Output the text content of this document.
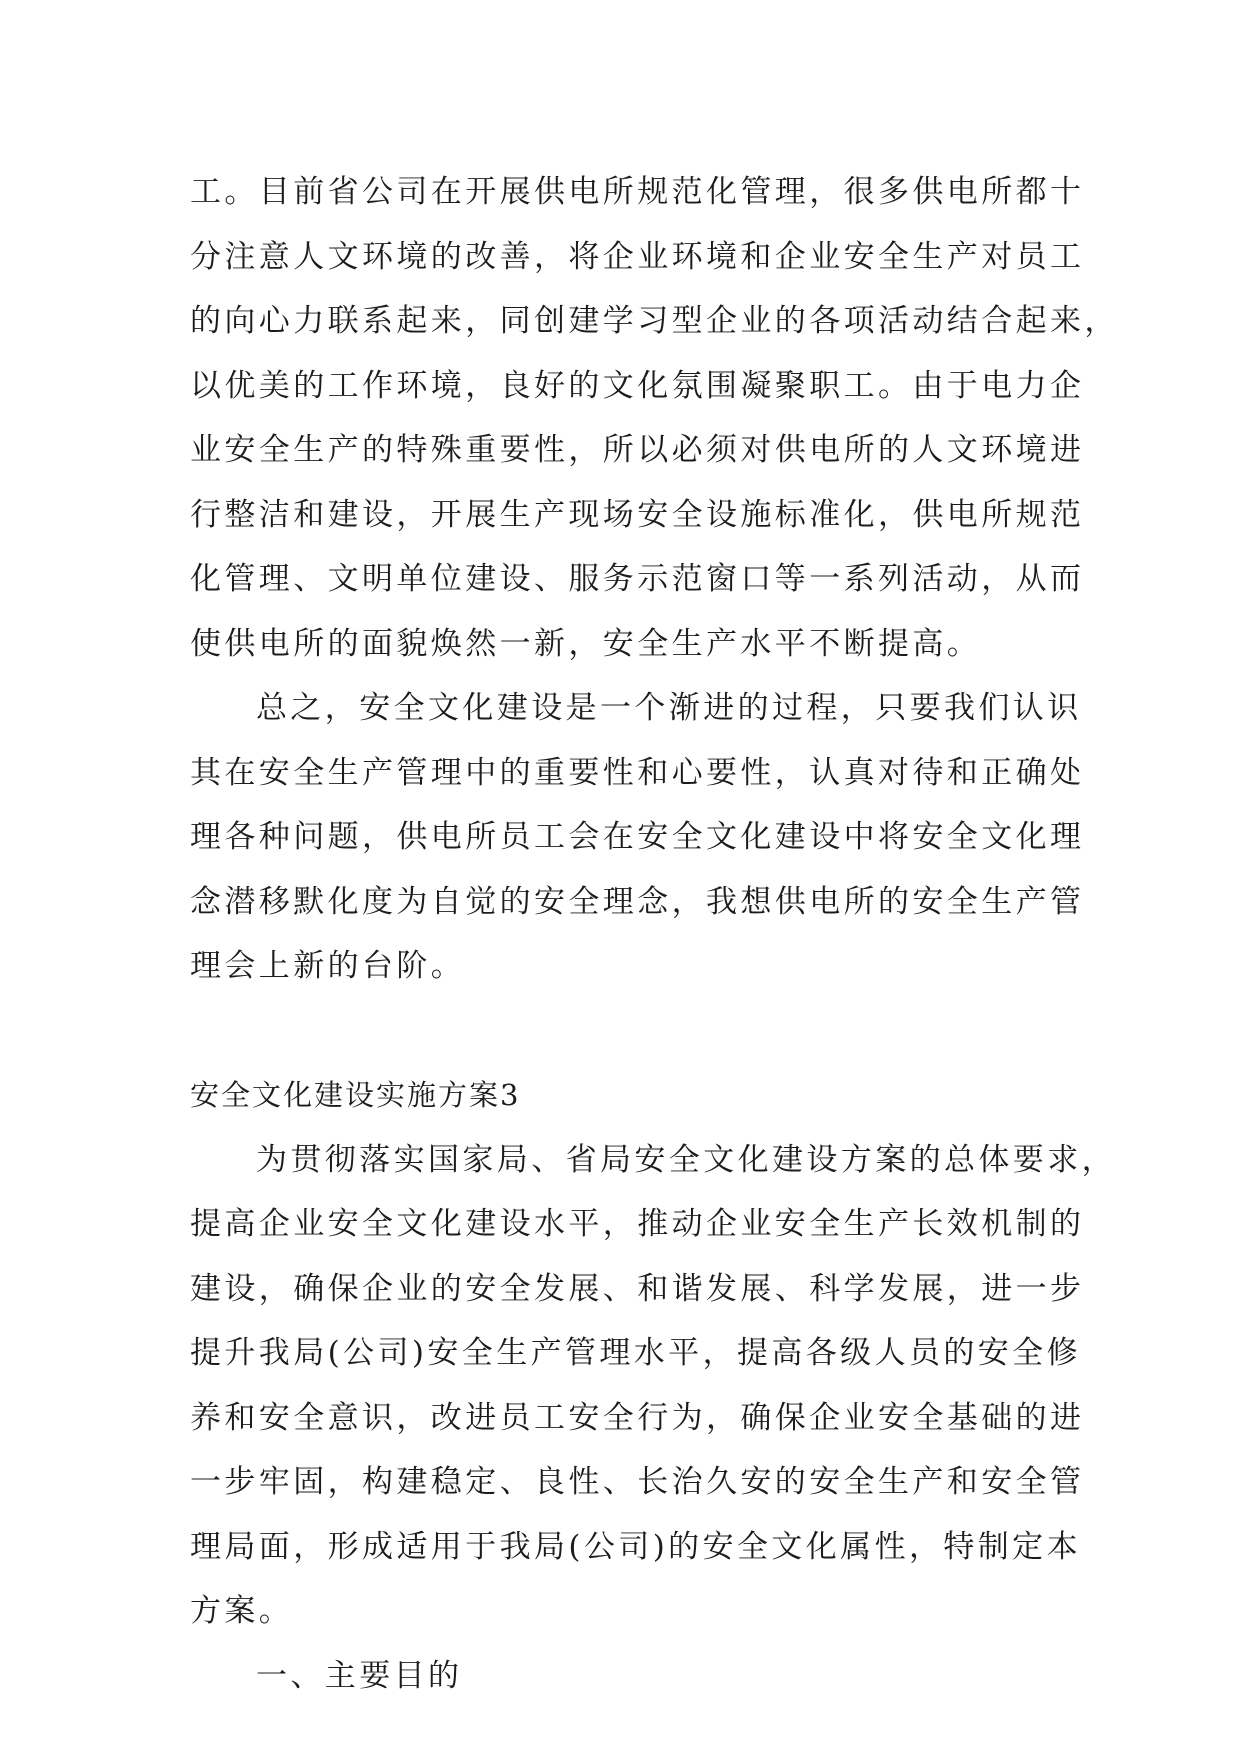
工。目前省公司在开展供电所规范化管理，很多供电所都十
分注意人文环境的改善，将企业环境和企业安全生产对员工
的向心力联系起来，同创建学习型企业的各项活动结合起来，
以优美的工作环境，良好的文化氛围凝聚职工。由于电力企
业安全生产的特殊重要性，所以必须对供电所的人文环境进
行整洁和建设，开展生产现场安全设施标准化，供电所规范
化管理、文明单位建设、服务示范窗口等一系列活动，从而
使供电所的面貌焕然一新，安全生产水平不断提高。
总之，安全文化建设是一个渐进的过程，只要我们认识
其在安全生产管理中的重要性和心要性，认真对待和正确处
理各种问题，供电所员工会在安全文化建设中将安全文化理
念潜移默化度为自觉的安全理念，我想供电所的安全生产管
理会上新的台阶。
安全文化建设实施方案3
为贯彻落实国家局、省局安全文化建设方案的总体要求，
提高企业安全文化建设水平，推动企业安全生产长效机制的
建设，确保企业的安全发展、和谐发展、科学发展，进一步
提升我局(公司)安全生产管理水平，提高各级人员的安全修
养和安全意识，改进员工安全行为，确保企业安全基础的进
一步牢固，构建稳定、良性、长治久安的安全生产和安全管
理局面，形成适用于我局(公司)的安全文化属性，特制定本
方案。
一、主要目的
